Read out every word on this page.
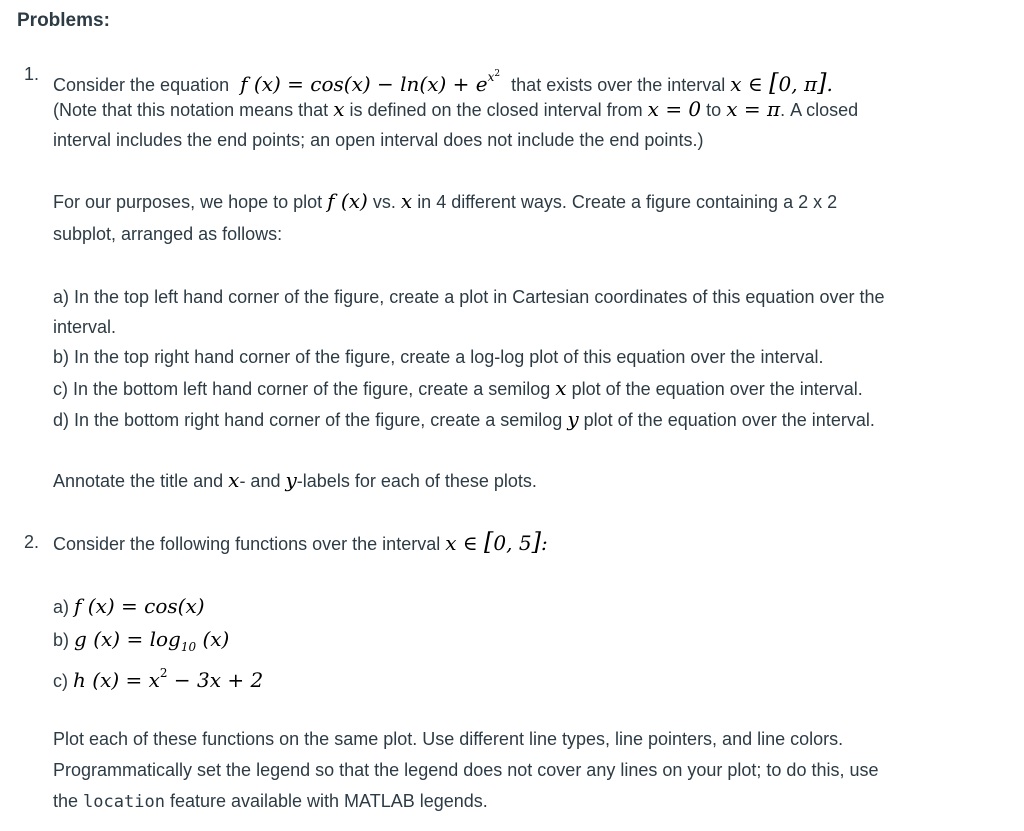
Problems:
1.
Consider the equation f $(x) = \cos(x) - \ln(x) + e^{x^2}$ that exists over the interval x ∈ [0, π].
(Note that this notation means that x is defined on the closed interval from x = 0 to x = π. A closed
interval includes the end points; an open interval does not include the end points.)
For our purposes, we hope to plot f (x) vs. x in 4 different ways. Create a figure containing a 2 x 2
subplot, arranged as follows:
a) In the top left hand corner of the figure, create a plot in Cartesian coordinates of this equation over the
interval.
b) In the top right hand corner of the figure, create a log-log plot of this equation over the interval.
c) In the bottom left hand corner of the figure, create a semilog x plot of the equation over the interval.
d) In the bottom right hand corner of the figure, create a semilog y plot of the equation over the interval.
Annotate the title and x- and y-labels for each of these plots.
2. Consider the following functions over the interval x ∈ [0, 5]:
a) f (x) = cos(x)
b) g $(x) = \log_{10} (x)$
c) h $(x) = x^2 - 3x + 2$
Plot each of these functions on the same plot. Use different line types, line pointers, and line colors.
Programmatically set the legend so that the legend does not cover any lines on your plot; to do this, use
the location feature available with MATLAB legends.
